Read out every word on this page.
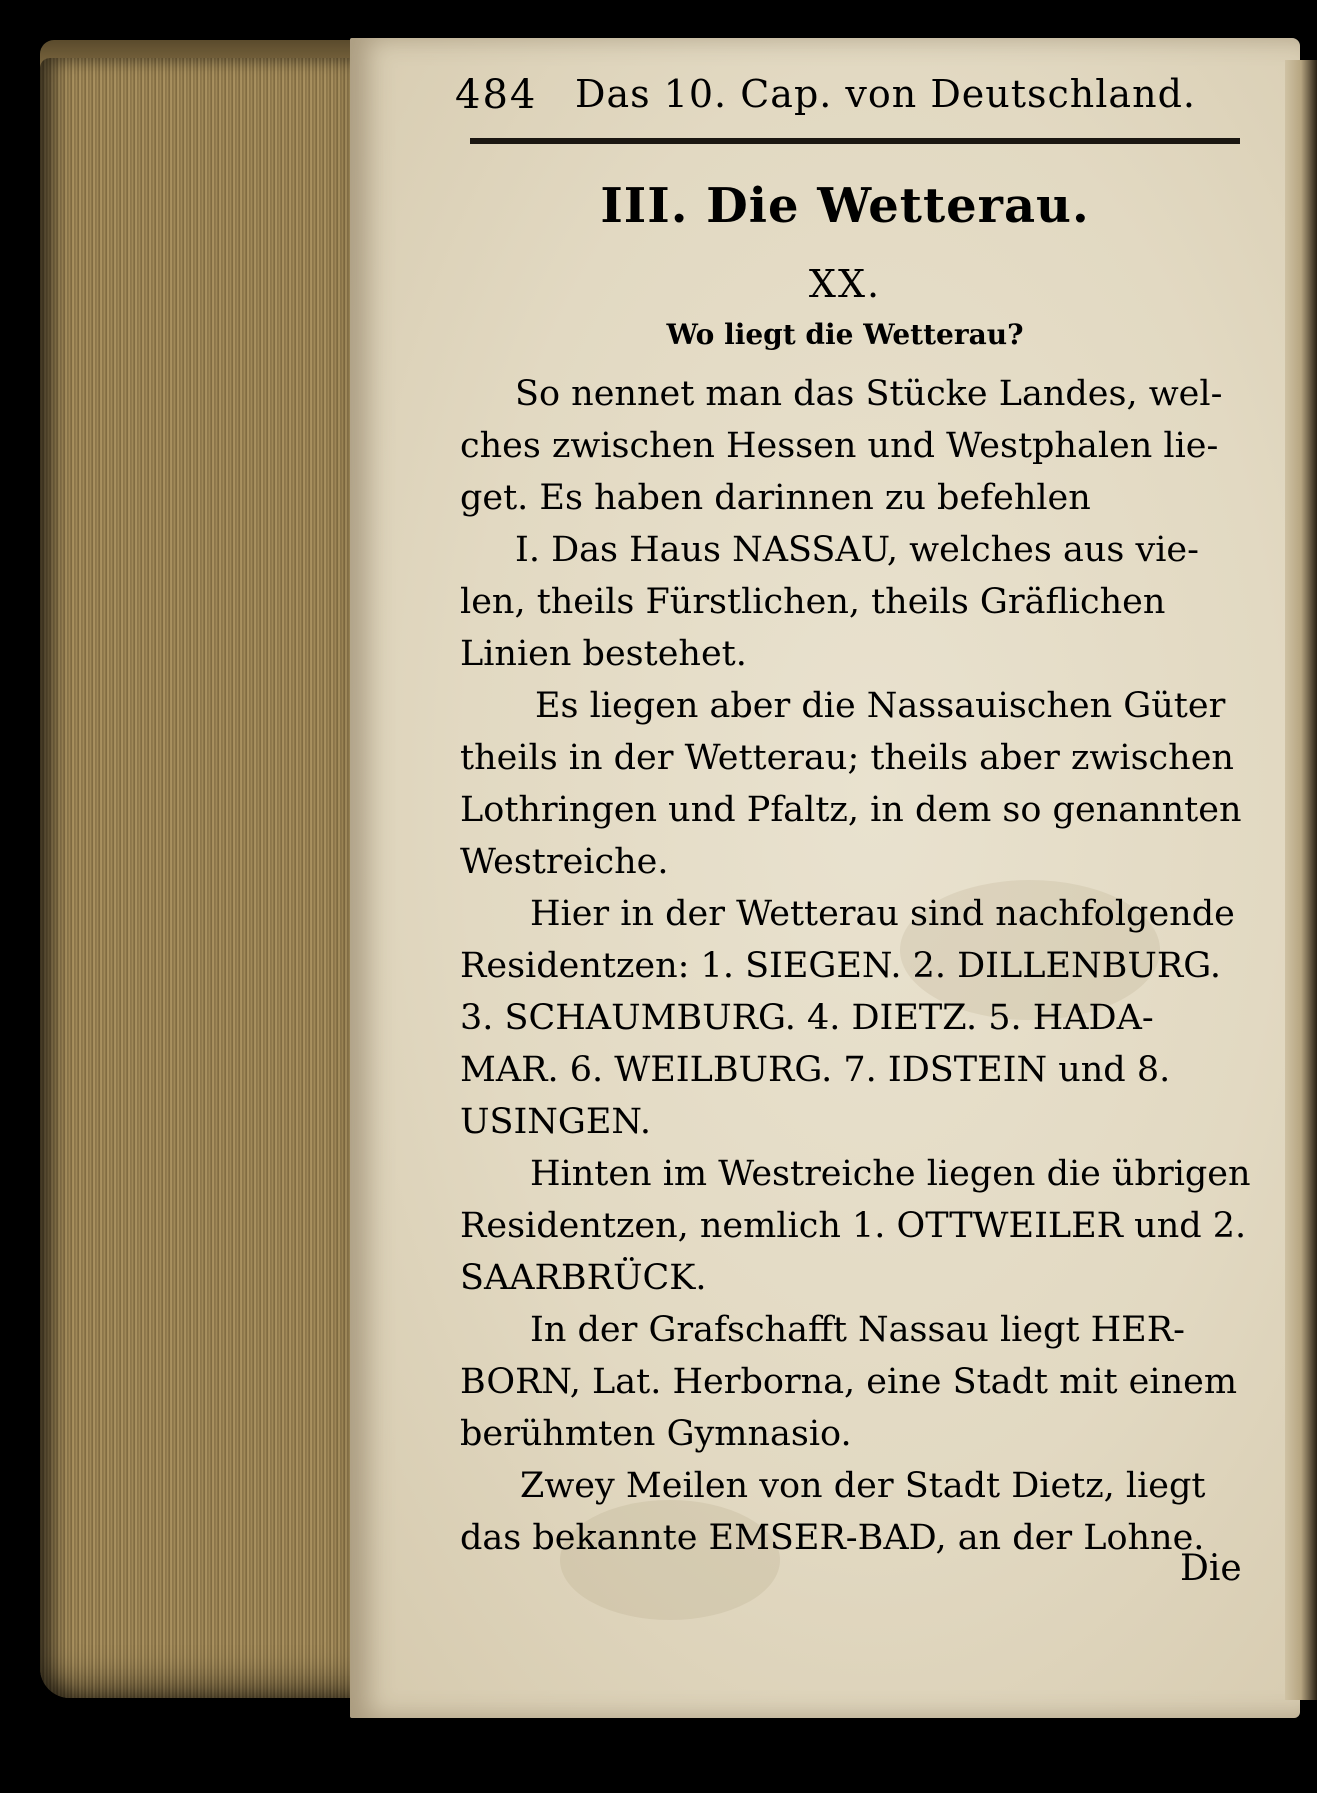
484 Das 10. Cap. von Deutschland.
III. Die Wetterau.
XX.
Wo liegt die Wetterau?
So nennet man das Stücke Landes, wel-
ches zwischen Hessen und Westphalen lie-
get. Es haben darinnen zu befehlen
I. Das Haus NASSAU, welches aus vie-
len, theils Fürstlichen, theils Gräflichen
Linien bestehet.
Es liegen aber die Nassauischen Güter
theils in der Wetterau; theils aber zwischen
Lothringen und Pfaltz, in dem so genannten
Westreiche.
Hier in der Wetterau sind nachfolgende
Residentzen: 1. SIEGEN. 2. DILLENBURG.
3. SCHAUMBURG. 4. DIETZ. 5. HADA-
MAR. 6. WEILBURG. 7. IDSTEIN und 8.
USINGEN.
Hinten im Westreiche liegen die übrigen
Residentzen, nemlich 1. OTTWEILER und 2.
SAARBRÜCK.
In der Grafschafft Nassau liegt HER-
BORN, Lat. Herborna, eine Stadt mit einem
berühmten Gymnasio.
Zwey Meilen von der Stadt Dietz, liegt
das bekannte EMSER-BAD, an der Lohne.
Die
